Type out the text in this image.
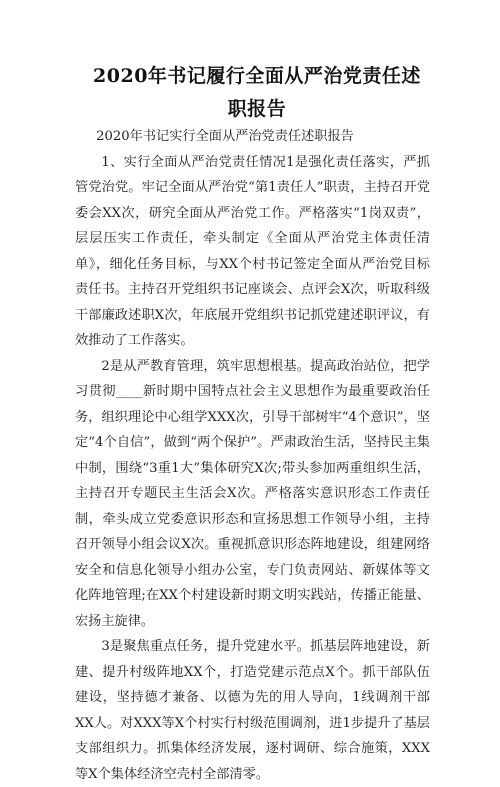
2020年书记履行全面从严治党责任述职报告

2020年书记实行全面从严治党责任述职报告

1、实行全面从严治党责任情况1是强化责任落实，严抓管党治党。牢记全面从严治党“第1责任人”职责，主持召开党委会XX次，研究全面从严治党工作。严格落实“1岗双责”，层层压实工作责任，牵头制定《全面从严治党主体责任清单》，细化任务目标，与XX个村书记签定全面从严治党目标责任书。主持召开党组织书记座谈会、点评会X次，听取科级干部廉政述职X次，年底展开党组织书记抓党建述职评议，有效推动了工作落实。

2是从严教育管理，筑牢思想根基。提高政治站位，把学习贯彻____新时期中国特点社会主义思想作为最重要政治任务，组织理论中心组学XXX次，引导干部树牢“4个意识”，坚定“4个自信”，做到“两个保护”。严肃政治生活，坚持民主集中制，围绕“3重1大”集体研究X次;带头参加两重组织生活，主持召开专题民主生活会X次。严格落实意识形态工作责任制，牵头成立党委意识形态和宣扬思想工作领导小组，主持召开领导小组会议X次。重视抓意识形态阵地建设，组建网络安全和信息化领导小组办公室，专门负责网站、新媒体等文化阵地管理;在XX个村建设新时期文明实践站，传播正能量、宏扬主旋律。

3是聚焦重点任务，提升党建水平。抓基层阵地建设，新建、提升村级阵地XX个，打造党建示范点X个。抓干部队伍建设，坚持德才兼备、以德为先的用人导向，1线调剂干部XX人。对XXX等X个村实行村级范围调剂，进1步提升了基层支部组织力。抓集体经济发展，逐村调研、综合施策，XXX等X个集体经济空壳村全部清零。
